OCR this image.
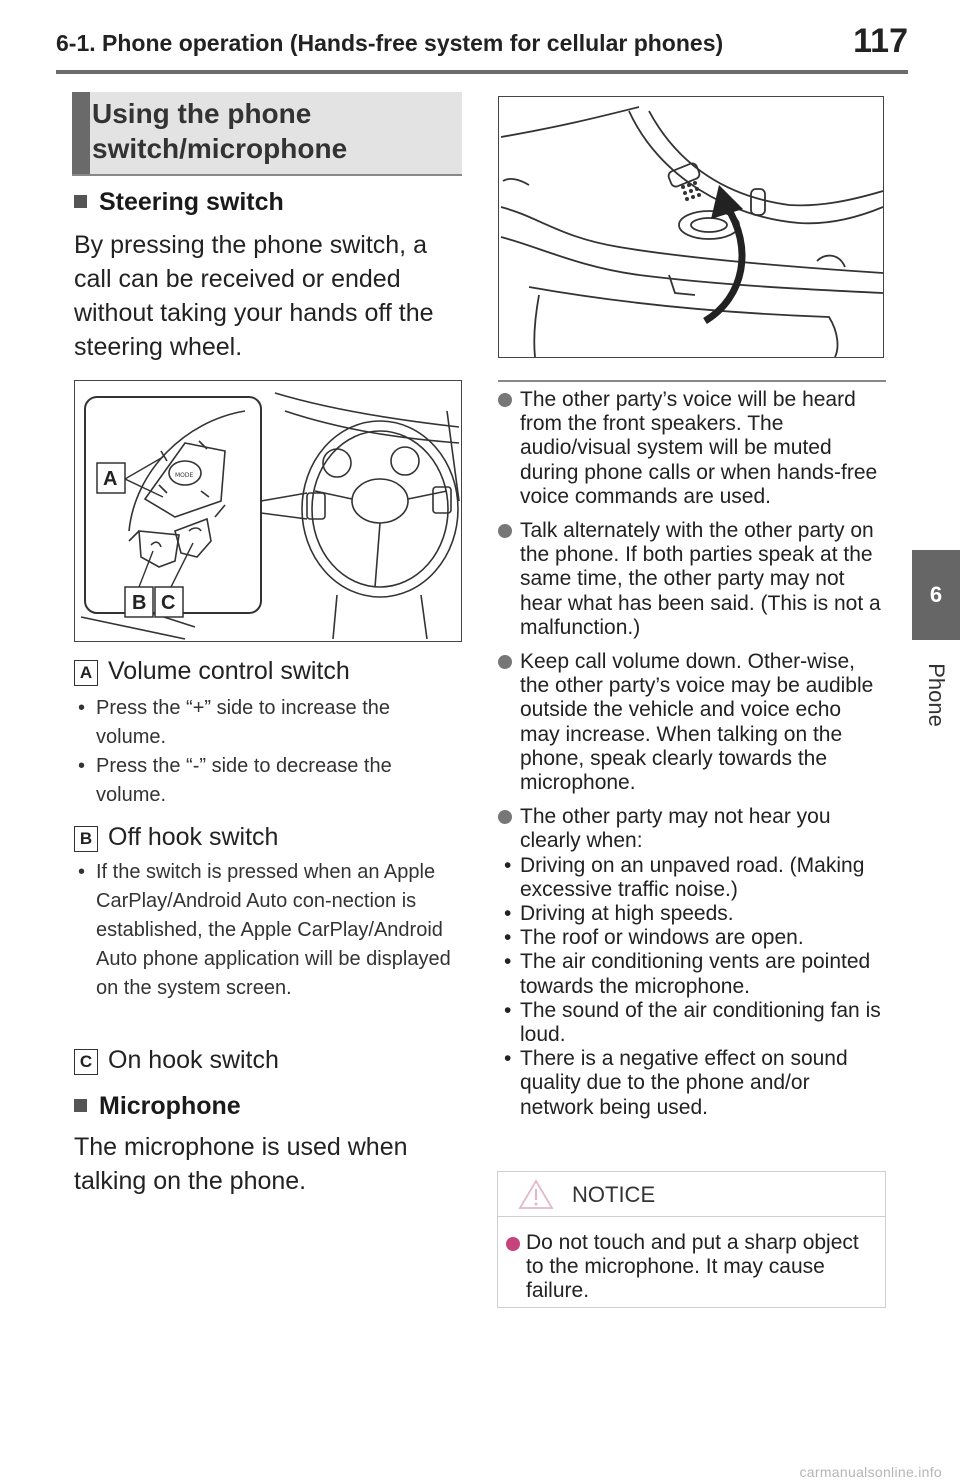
6-1. Phone operation (Hands-free system for cellular phones)	117
6
Phone
Using the phone
switch/microphone
Steering switch
By pressing the phone switch, a call can be received or ended without taking your hands off the steering wheel.
MODE
A
B C
A Volume control switch
• Press the “+” side to increase the volume.
• Press the “-” side to decrease the volume.
B Off hook switch
• If the switch is pressed when an Apple CarPlay/Android Auto con-nection is established, the Apple CarPlay/Android Auto phone application will be displayed on the system screen.
C On hook switch
Microphone
The microphone is used when talking on the phone.
The other party’s voice will be heard from the front speakers. The audio/visual system will be muted during phone calls or when hands-free voice commands are used.
Talk alternately with the other party on the phone. If both parties speak at the same time, the other party may not hear what has been said. (This is not a malfunction.)
Keep call volume down. Other-wise, the other party’s voice may be audible outside the vehicle and voice echo may increase. When talking on the phone, speak clearly towards the microphone.
The other party may not hear you clearly when:
• Driving on an unpaved road. (Making excessive traffic noise.)
• Driving at high speeds.
• The roof or windows are open.
• The air conditioning vents are pointed towards the microphone.
• The sound of the air conditioning fan is loud.
• There is a negative effect on sound quality due to the phone and/or network being used.
NOTICE
Do not touch and put a sharp object to the microphone. It may cause failure.
carmanualsonline.info
